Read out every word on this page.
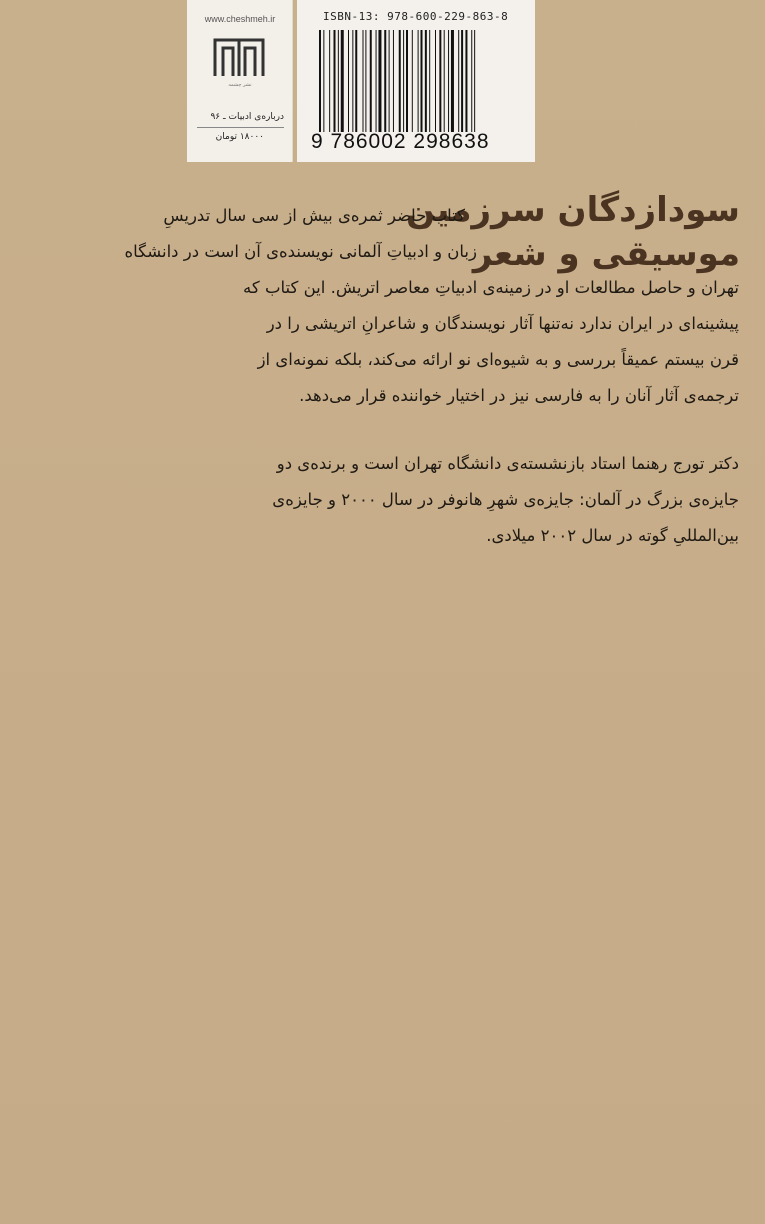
www.cheshmeh.ir
نشر چشمه
درباره‌ی ادبیات ـ ۹۶
۱۸۰۰۰ تومان
ISBN-13: 978-600-229-863-8
9 786002 298638
سودازدگان سرزمین
موسیقی و شعر
کتاب حاضر ثمره‌ی بیش از سی سال تدریسِ
زبان و ادبیاتِ آلمانی نویسنده‌ی آن است در دانشگاه
تهران و حاصل مطالعات او در زمینه‌ی ادبیاتِ معاصر اتریش. این کتاب که
پیشینه‌ای در ایران ندارد نه‌تنها آثار نویسندگان و شاعرانِ اتریشی را در
قرن بیستم عمیقاً بررسی و به شیوه‌ای نو ارائه می‌کند، بلکه نمونه‌ای از
ترجمه‌ی آثار آنان را به فارسی نیز در اختیار خواننده قرار می‌دهد.
دکتر تورج رهنما استاد بازنشسته‌ی دانشگاه تهران است و برنده‌ی دو
جایزه‌ی بزرگ در آلمان: جایزه‌ی شهرِ هانوفر در سال ۲۰۰۰ و جایزه‌ی
بین‌المللیِ گوته در سال ۲۰۰۲ میلادی.
